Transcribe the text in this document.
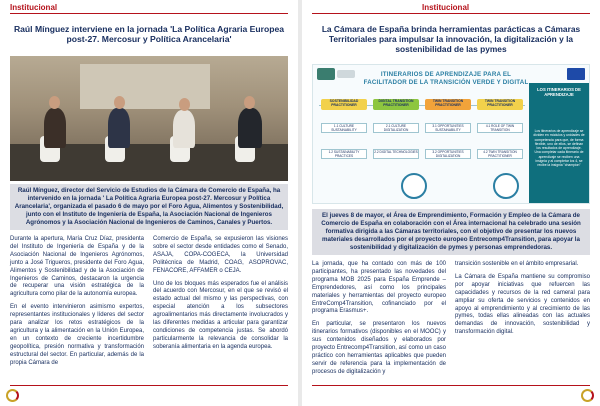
Institucional
Raúl Mínguez interviene en la jornada 'La Política Agraria Europea post-27. Mercosur y Política Arancelaria'
Raúl Mínguez, director del Servicio de Estudios de la Cámara de Comercio de España, ha intervenido en la jornada ' La Política Agraria Europea post-27. Mercosur y Política Arancelaria', organizada el pasado 6 de mayo por el Foro Agua, Alimentos y Sostenibilidad, junto con el Instituto de Ingeniería de España, la Asociación Nacional de Ingenieros Agrónomos y la Asociación Nacional de Ingenieros de Caminos, Canales y Puertos.

Durante la apertura, María Cruz Díaz, presidenta del Instituto de Ingeniería de España y de la Asociación Nacional de Ingenieros Agrónomos, junto a José Trigueros, presidente del Foro Agua, Alimentos y Sostenibilidad y de la Asociación de Ingenieros de Caminos, destacaron la urgencia de recuperar una visión estratégica de la agricultura como pilar de la autonomía europea.

En el evento intervinieron asimismo expertos, representantes institucionales y líderes del sector para analizar los retos estratégicos de la agricultura y la alimentación en la Unión Europea, en un contexto de creciente incertidumbre geopolítica, presión normativa y transformación estructural del sector. En particular, además de la propia Cámara de

Comercio de España, se expusieron las visiones sobre el sector desde entidades como el Senado, ASAJA, COPA-COGECA, la Universidad Politécnica de Madrid, COAG, ASOPROVAC, FENACORE, AFFAMER o CEJA.

Uno de los bloques más esperados fue el análisis del acuerdo con Mercosur, en el que se revisó el estado actual del mismo y las perspectivas, con especial atención a los subsectores agroalimentarios más directamente involucrados y las diferentes medidas a articular para garantizar condiciones de competencia justas. Se abordó particularmente la relevancia de consolidar la soberanía alimentaria en la agenda europea.

Institucional
La Cámara de España brinda herramientas parácticas a Cámaras Territoriales para impulsar la innovación, la digitalización y la sostenibilidad de las pymes
ITINERARIOS DE APRENDIZAJE PARA EL FACILITADOR DE LA TRANSICIÓN VERDE Y DIGITAL
LOS ITINERARIOS DE APRENDIZAJE
Los itinerarios de aprendizaje se dividen en módulos y unidades de competencia para que, de forma flexible, uno de ellos, se definan los resultados de aprendizaje. Una completar cada itinerario de aprendizaje se reciben una insignia y al completar los 4, se recibe la insignia "champion"
SOSTENIBILIDAD PRACTITIONER
DIGITAL TRANSITION PRACTITIONER
TWIN TRANSITION PRACTITIONER
TWIN TRANSITION PRACTITIONER
1.1 CULTURE SUSTAINABILITY
1.2 SUSTAINABILITY PRACTICES
2.1 CULTURE DIGITALIZATION
2.2 DIGITAL TECHNOLOGIES
3.1 OPPORTUNITIES SUSTAINABILITY
3.2 OPPORTUNITIES DIGITALIZATION
4.1 ROLE OF TWIN TRANSITION
4.2 TWIN TRANSITION PRACTITIONER
El jueves 8 de mayor, el Área de Emprendimiento, Formación y Empleo de la Cámara de Comercio de España en colaboración con el Área internacional ha celebrado una sesión formativa dirigida a las Cámaras territoriales, con el objetivo de presentar los nuevos materiales desarrollados por el proyecto europeo Entrecomp4Transition, para apoyar la sostenibilidad y digitalización de pymes y personas emprendedoras.

La jornada, que ha contado con más de 100 participantes, ha presentado las novedades del programa MOB 2025 para España Emprende – Emprendedores, así como los principales materiales y herramientas del proyecto europeo EntreComp4Transition, cofinanciado por el programa Erasmus+.

En particular, se presentaron los nuevos itinerarios formativos (disponibles en el MOOC) y sus contenidos diseñados y elaborados por proyecto Entrecomp4Transition, así como un caso práctico con herramientas aplicables que pueden servir de referencia para la implementación de procesos de digitalización y

transición sostenible en el ámbito empresarial.

La Cámara de España mantiene su compromiso por apoyar iniciativas que refuercen las capacidades y recursos de la red cameral para ampliar su oferta de servicios y contenidos en apoyo al emprendimiento y al crecimiento de las pymes, todas ellas alineadas con las actuales demandas de innovación, sostenibilidad y transformación digital.
